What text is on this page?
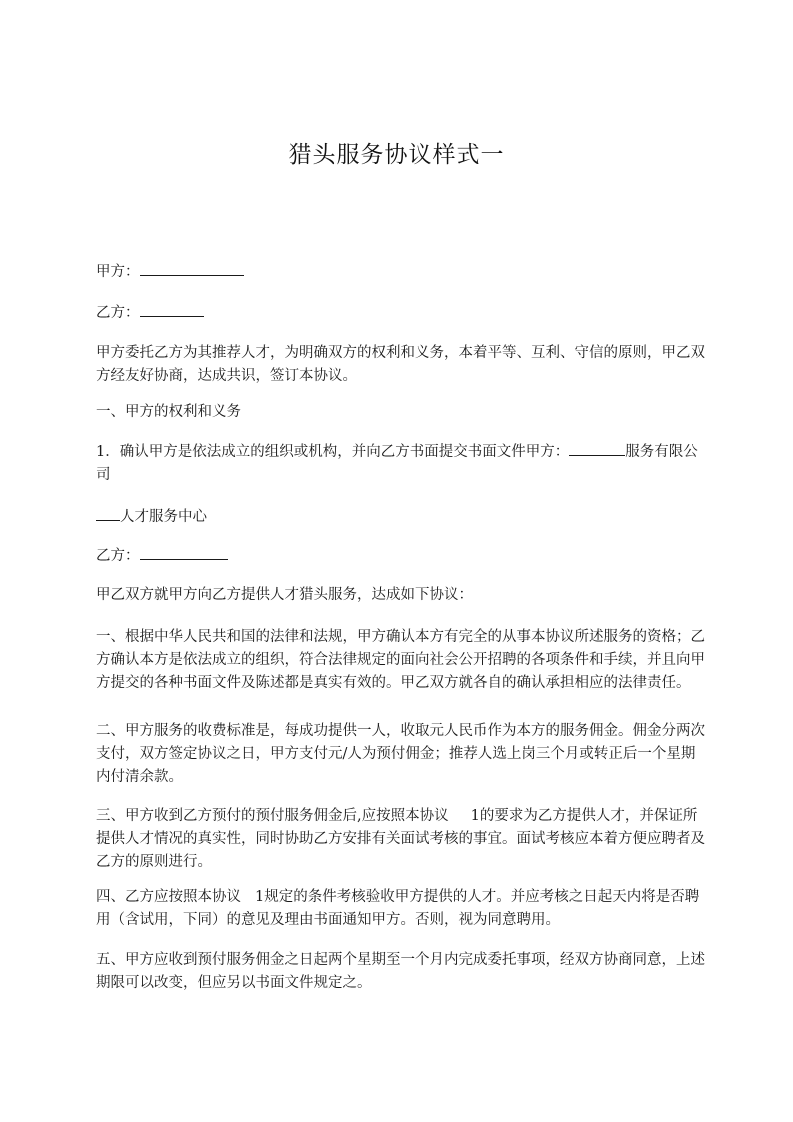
猎头服务协议样式一

甲方：

乙方：

甲方委托乙方为其推荐人才，为明确双方的权利和义务，本着平等、互利、守信的原则，甲乙双方经友好协商，达成共识，签订本协议。

一、甲方的权利和义务

1．确认甲方是依法成立的组织或机构，并向乙方书面提交书面文件甲方：	服务有限公司

人才服务中心

乙方：

甲乙双方就甲方向乙方提供人才猎头服务，达成如下协议：

一、根据中华人民共和国的法律和法规，甲方确认本方有完全的从事本协议所述服务的资格；乙方确认本方是依法成立的组织，符合法律规定的面向社会公开招聘的各项条件和手续，并且向甲方提交的各种书面文件及陈述都是真实有效的。甲乙双方就各自的确认承担相应的法律责任。

二、甲方服务的收费标准是，每成功提供一人，收取元人民币作为本方的服务佣金。佣金分两次支付，双方签定协议之日，甲方支付元/人为预付佣金；推荐人选上岗三个月或转正后一个星期内付清余款。

三、甲方收到乙方预付的预付服务佣金后,应按照本协议 1的要求为乙方提供人才，并保证所提供人才情况的真实性，同时协助乙方安排有关面试考核的事宜。面试考核应本着方便应聘者及乙方的原则进行。

四、乙方应按照本协议 1规定的条件考核验收甲方提供的人才。并应考核之日起天内将是否聘用（含试用，下同）的意见及理由书面通知甲方。否则，视为同意聘用。

五、甲方应收到预付服务佣金之日起两个星期至一个月内完成委托事项，经双方协商同意，上述期限可以改变，但应另以书面文件规定之。
